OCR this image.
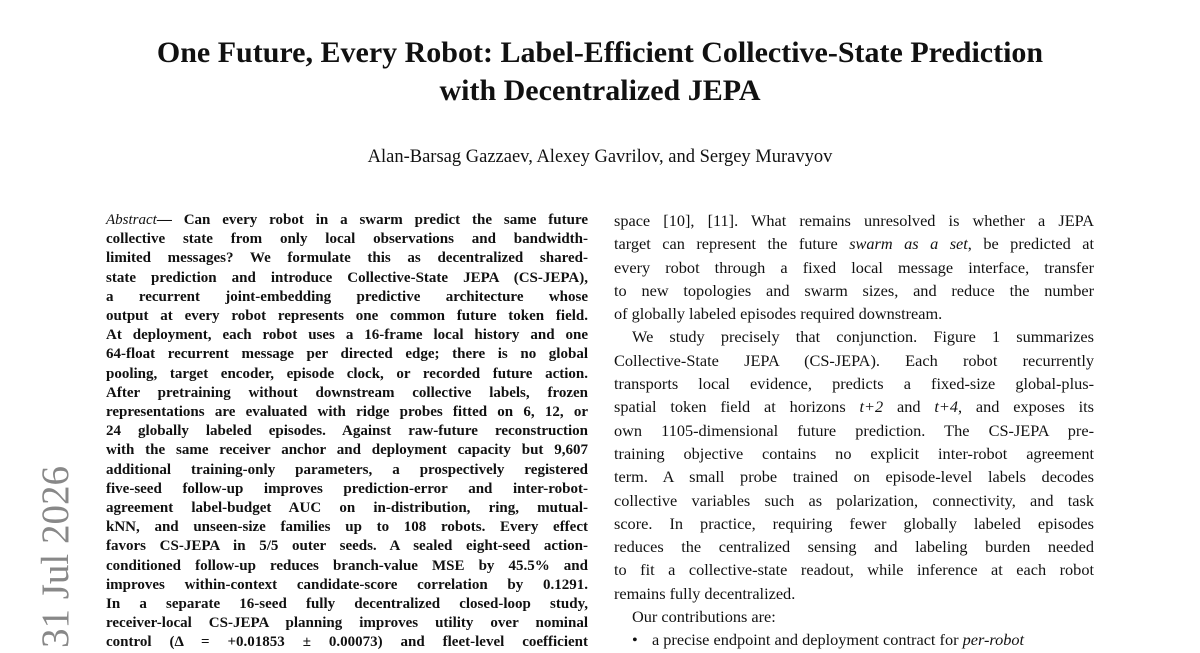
One Future, Every Robot: Label-Efficient Collective-State Prediction
with Decentralized JEPA

Alan-Barsag Gazzaev, Alexey Gavrilov, and Sergey Muravyov

31 Jul 2026
Abstract— Can every robot in a swarm predict the same future
collective state from only local observations and bandwidth-
limited messages? We formulate this as decentralized shared-
state prediction and introduce Collective-State JEPA (CS-JEPA),
a recurrent joint-embedding predictive architecture whose
output at every robot represents one common future token field.
At deployment, each robot uses a 16-frame local history and one
64-float recurrent message per directed edge; there is no global
pooling, target encoder, episode clock, or recorded future action.
After pretraining without downstream collective labels, frozen
representations are evaluated with ridge probes fitted on 6, 12, or
24 globally labeled episodes. Against raw-future reconstruction
with the same receiver anchor and deployment capacity but 9,607
additional training-only parameters, a prospectively registered
five-seed follow-up improves prediction-error and inter-robot-
agreement label-budget AUC on in-distribution, ring, mutual-
kNN, and unseen-size families up to 108 robots. Every effect
favors CS-JEPA in 5/5 outer seeds. A sealed eight-seed action-
conditioned follow-up reduces branch-value MSE by 45.5% and
improves within-context candidate-score correlation by 0.1291.
In a separate 16-seed fully decentralized closed-loop study,
receiver-local CS-JEPA planning improves utility over nominal
control (Δ = +0.01853 ± 0.00073) and fleet-level coefficient
space [10], [11]. What remains unresolved is whether a JEPA
target can represent the future swarm as a set, be predicted at
every robot through a fixed local message interface, transfer
to new topologies and swarm sizes, and reduce the number
of globally labeled episodes required downstream.
We study precisely that conjunction. Figure 1 summarizes
Collective-State JEPA (CS-JEPA). Each robot recurrently
transports local evidence, predicts a fixed-size global-plus-
spatial token field at horizons t+2 and t+4, and exposes its
own 1105-dimensional future prediction. The CS-JEPA pre-
training objective contains no explicit inter-robot agreement
term. A small probe trained on episode-level labels decodes
collective variables such as polarization, connectivity, and task
score. In practice, requiring fewer globally labeled episodes
reduces the centralized sensing and labeling burden needed
to fit a collective-state readout, while inference at each robot
remains fully decentralized.
Our contributions are:
• a precise endpoint and deployment contract for per-robot
